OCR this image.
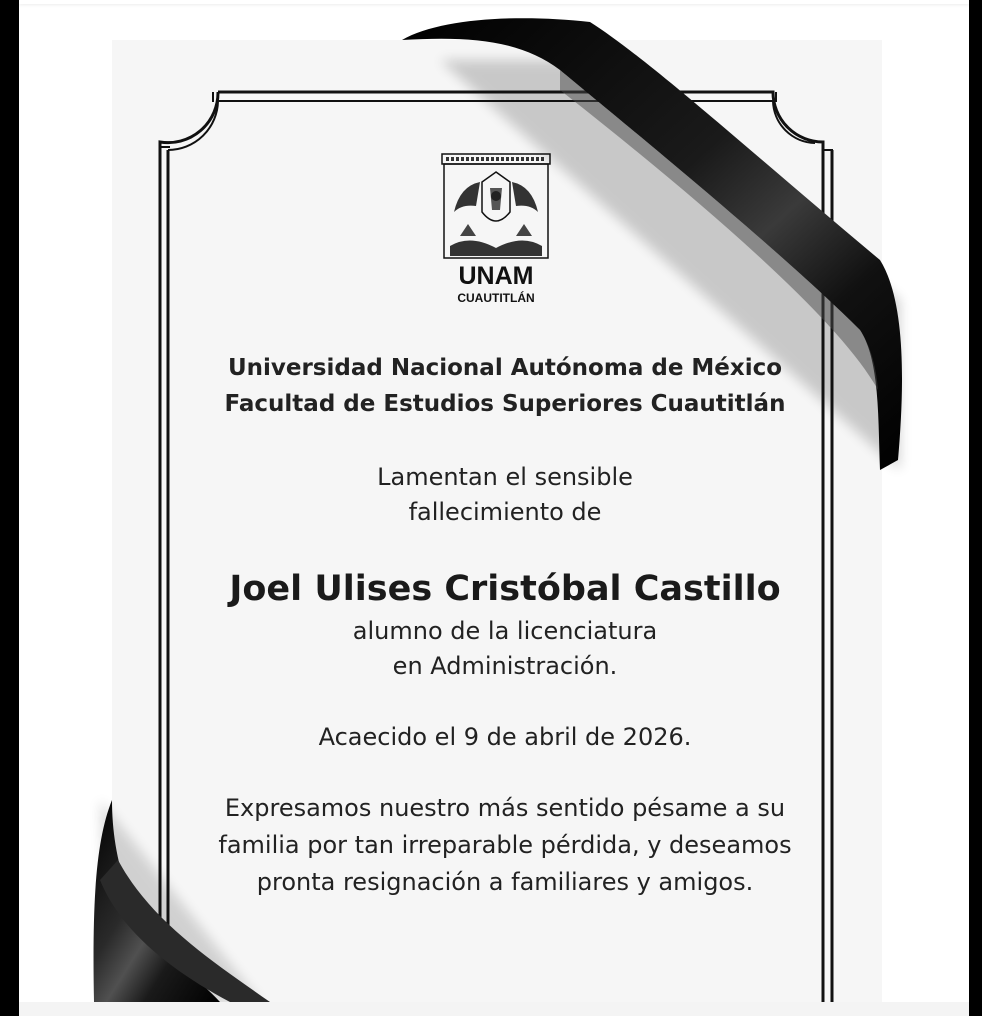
UNAM
CUAUTITLÁN
Universidad Nacional Autónoma de México
Facultad de Estudios Superiores Cuautitlán
Lamentan el sensible
fallecimiento de
Joel Ulises Cristóbal Castillo
alumno de la licenciatura
en Administración.
Acaecido el 9 de abril de 2026.
Expresamos nuestro más sentido pésame a su
familia por tan irreparable pérdida, y deseamos
pronta resignación a familiares y amigos.
